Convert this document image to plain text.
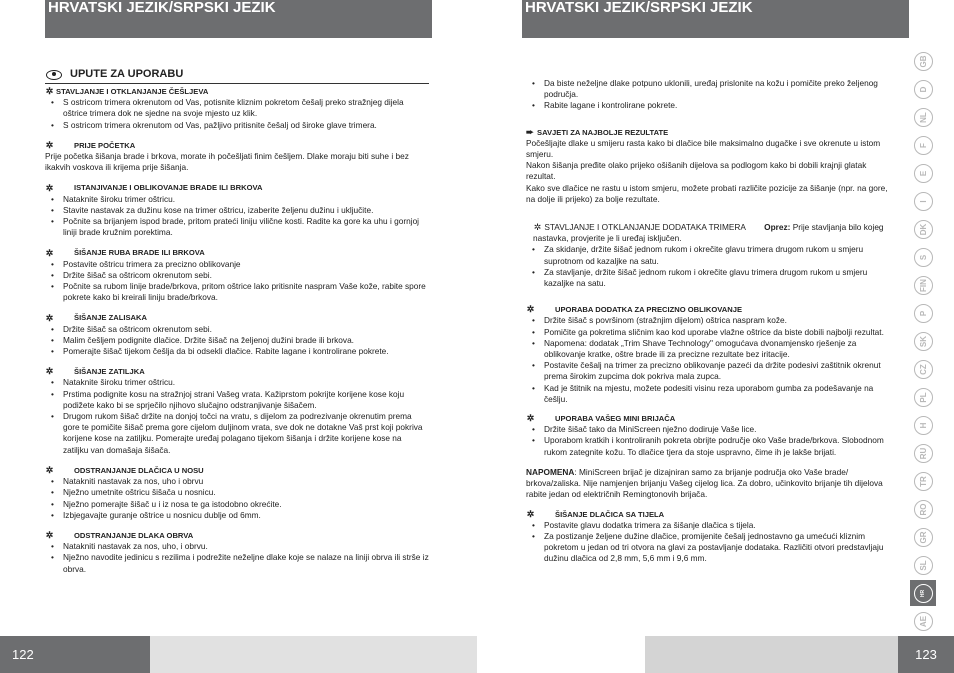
HRVATSKI JEZIK/SRPSKI JEZIK
122
UPUTE ZA UPORABU
✲ STAVLJANJE I OTKLANJANJE ČEŠLJEVA
• S ostricom trimera okrenutom od Vas, potisnite kliznim pokretom češalj preko stražnjeg dijela oštrice trimera dok ne sjedne na svoje mjesto uz klik.
• S ostricom trimera okrenutom od Vas, pažljivo pritisnite češalj od široke glave trimera.
✲	PRIJE POČETKA

Prije početka šišanja brade i brkova, morate ih počešljati finim češljem. Dlake moraju biti suhe i bez ikakvih voskova ili krijema prije šišanja.

✲	ISTANJIVANJE I OBLIKOVANJE BRADE ILI BRKOVA
• Nataknite široku trimer oštricu.
• Stavite nastavak za dužinu kose na trimer oštricu, izaberite željenu dužinu i uključite.
• Počnite sa brijanjem ispod brade, pritom prateći liniju vilične kosti. Radite ka gore ka uhu i gornjoj liniji brade kružnim porektima.
✲	ŠIŠANJE RUBA BRADE ILI BRKOVA
• Postavite oštricu trimera za precizno oblikovanje
• Držite šišač sa oštricom okrenutom sebi.
• Počnite sa rubom linije brade/brkova, pritom oštrice lako pritisnite naspram Vaše kože, rabite spore pokrete kako bi kreirali liniju brade/brkova.
✲	ŠIŠANJE ZALISAKA
• Držite šišač sa oštricom okrenutom sebi.
• Malim češljem podignite dlačice. Držite šišač na željenoj dužini brade ili brkova.
• Pomerajte šišač tijekom češlja da bi odsekli dlačice. Rabite lagane i kontrolirane pokrete.
✲	ŠIŠANJE ZATILJKA
• Nataknite široku trimer oštricu.
• Prstima podignite kosu na stražnjoj strani Vašeg vrata. Kažiprstom pokrijte korijene kose koju podižete kako bi se sprječilo njihovo slučajno odstranjivanje šišačem.
• Drugom rukom šišač držite na donjoj točci na vratu, s dijelom za podrezivanje okrenutim prema gore te pomičite šišač prema gore cijelom duljinom vrata, sve dok ne dotakne Vaš prst koji pokriva korijene kose na zatiljku. Pomerajte uređaj polagano tijekom šišanja i držite korijene kose na zatiljku van domašaja šišača.
✲	ODSTRANJANJE DLAČICA U NOSU
• Natakniti nastavak za nos, uho i obrvu
• Nježno umetnite oštricu šišača u nosnicu.
• Nježno pomerajte šišač u i iz nosa te ga istodobno okrećite.
• Izbjegavajte guranje oštrice u nosnicu dublje od 6mm.
✲	ODSTRANJANJE DLAKA OBRVA
• Natakniti nastavak za nos, uho, i obrvu.
• Nježno navodite jedinicu s rezilima i podrežite neželjne dlake koje se nalaze na liniji obrva ili strše iz obrva.
HRVATSKI JEZIK/SRPSKI JEZIK
123
• Da biste neželjne dlake potpuno uklonili, uređaj prislonite na kožu i pomičite preko željenog područja.
• Rabite lagane i kontrolirane pokrete.
➨ SAVJETI ZA NAJBOLJE REZULTATE

Počešljajte dlake u smijeru rasta kako bi dlačice bile maksimalno dugačke i sve okrenute u istom smjeru.

Nakon šišanja pređite olako prijeko ošišanih dijelova sa podlogom kako bi dobili krajnji glatak rezultat.

Kako sve dlačice ne rastu u istom smjeru, možete probati različite pozicije za šišanje (npr. na gore, na dolje ili prijeko) za bolje rezultate.

✲ STAVLJANJE I OTKLANJANJE DODATAKA TRIMERA Oprez: Prije stavljanja bilo kojeg nastavka, provjerite je li uređaj isključen.
• Za skidanje, držite šišač jednom rukom i okrečite glavu trimera drugom rukom u smjeru suprotnom od kazaljke na satu.
• Za stavljanje, držite šišač jednom rukom i okrečite glavu trimera drugom rukom u smjeru kazaljke na satu.
✲	UPORABA DODATKA ZA PRECIZNO OBLIKOVANJE
• Držite šišač s površinom (stražnjim dijelom) oštrica naspram kože.
• Pomičite ga pokretima sličnim kao kod uporabe vlažne oštrice da biste dobili najbolji rezultat.
• Napomena: dodatak „Trim Shave Technology" omogućava dvonamjensko rješenje za oblikovanje kratke, oštre brade ili za precizne rezultate bez iritacije.
• Postavite češalj na trimer za precizno oblikovanje pazeći da držite podesivi zaštitnik okrenut prema širokim zupcima dok pokriva mala zupca.
• Kad je štitnik na mjestu, možete podesiti visinu reza uporabom gumba za podešavanje na češlju.
✲	UPORABA VAŠEG MINI BRIJAČA
• Držite šišač tako da MiniScreen nježno dodiruje Vaše lice.
• Uporabom kratkih i kontroliranih pokreta obrijte područje oko Vaše brade/brkova. Slobodnom rukom zategnite kožu. To dlačice tjera da stoje uspravno, čime ih je lakše brijati.

NAPOMENA: MiniScreen brijač je dizajniran samo za brijanje područja oko Vaše brade/ brkova/zaliska. Nije namjenjen brijanju Vašeg cijelog lica. Za dobro, učinkovito brijanje tih dijelova rabite jedan od električnih Remingtonovih brijača.

✲	ŠIŠANJE DLAČICA SA TIJELA
• Postavite glavu dodatka trimera za šišanje dlačica s tijela.
• Za postizanje željene dužine dlačice, promijenite češalj jednostavno ga umećući kliznim pokretom u jedan od tri otvora na glavi za postavljanje dodataka. Različiti otvori predstavljaju dužinu dlačica od 2,8 mm, 5,6 mm i 9,6 mm.
GB
D
NL
F
E
I
DK
S
FIN
P
SK
CZ
PL
H
RU
TR
RO
GR
SL
HR SRB
AE
